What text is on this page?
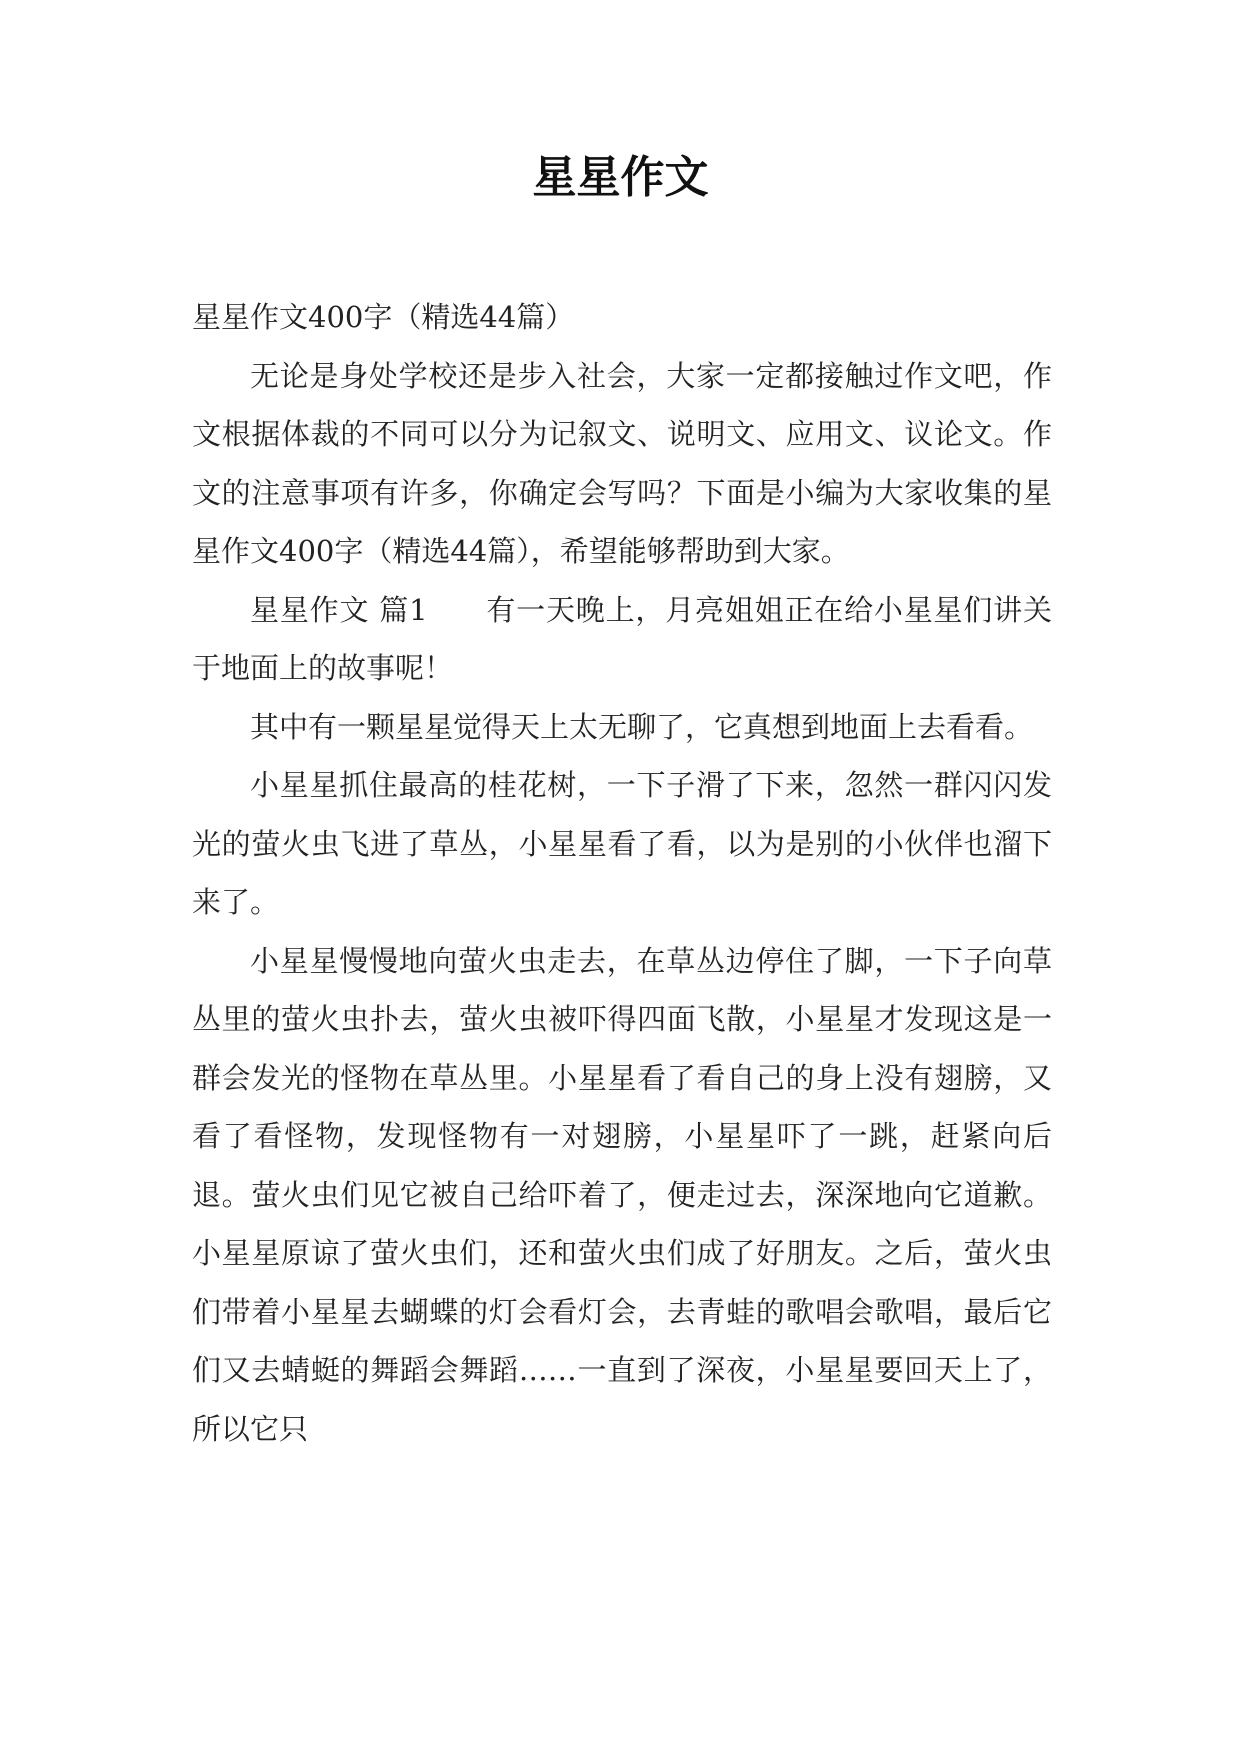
星星作文

星星作文400字（精选44篇）

无论是身处学校还是步入社会，大家一定都接触过作文吧，作文根据体裁的不同可以分为记叙文、说明文、应用文、议论文。作文的注意事项有许多，你确定会写吗？下面是小编为大家收集的星星作文400字（精选44篇），希望能够帮助到大家。

星星作文 篇1 有一天晚上，月亮姐姐正在给小星星们讲关于地面上的故事呢！

其中有一颗星星觉得天上太无聊了，它真想到地面上去看看。

小星星抓住最高的桂花树，一下子滑了下来，忽然一群闪闪发光的萤火虫飞进了草丛，小星星看了看，以为是别的小伙伴也溜下来了。

小星星慢慢地向萤火虫走去，在草丛边停住了脚，一下子向草丛里的萤火虫扑去，萤火虫被吓得四面飞散，小星星才发现这是一群会发光的怪物在草丛里。小星星看了看自己的身上没有翅膀，又看了看怪物，发现怪物有一对翅膀，小星星吓了一跳，赶紧向后退。萤火虫们见它被自己给吓着了，便走过去，深深地向它道歉。小星星原谅了萤火虫们，还和萤火虫们成了好朋友。之后，萤火虫们带着小星星去蝴蝶的灯会看灯会，去青蛙的歌唱会歌唱，最后它们又去蜻蜓的舞蹈会舞蹈……一直到了深夜，小星星要回天上了，所以它只
